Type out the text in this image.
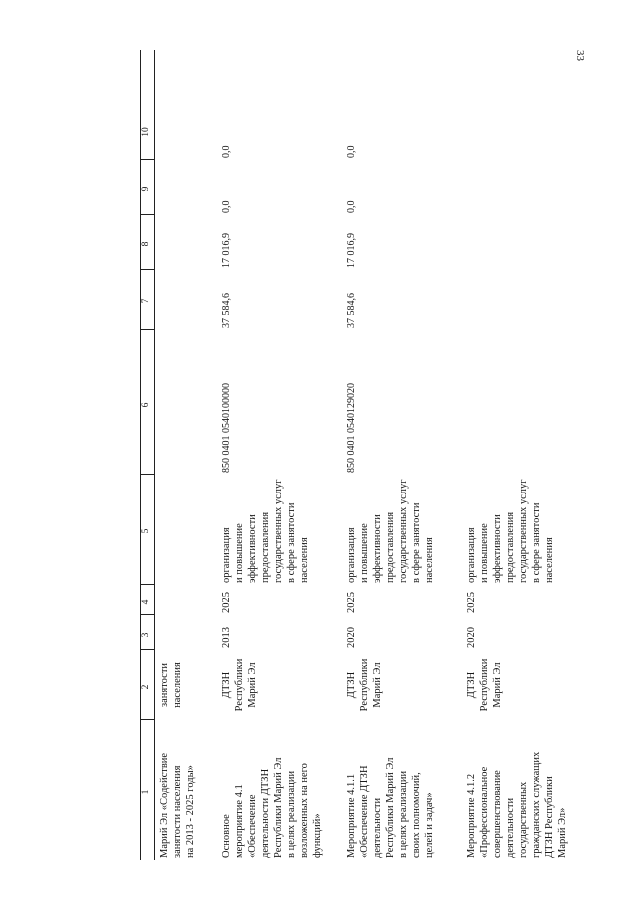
33
1
2
3
4
5
6
7
8
9
10
Марий Эл «Содействие
занятости населения
на 2013 - 2025 годы»
занятости
населения
Основное
мероприятие 4.1
«Обеспечение
деятельности ДТЗН
Республики Марий Эл
в целях реализации
возложенных на него
функций»
ДТЗН
Республики
Марий Эл
2013
2025
организация
и повышение
эффективности
предоставления
государственных услуг
в сфере занятости
населения
850 0401 0540100000
37 584,6
17 016,9
0,0
0,0
Мероприятие 4.1.1
«Обеспечение ДТЗН
деятельности
Республики Марий Эл
в целях реализации
своих полномочий,
целей и задач»
ДТЗН
Республики
Марий Эл
2020
2025
организация
и повышение
эффективности
предоставления
государственных услуг
в сфере занятости
населения
850 0401 0540129020
37 584,6
17 016,9
0,0
0,0
Мероприятие 4.1.2
«Профессиональное
совершенствование
деятельности
государственных
гражданских служащих
ДТЗН Республики
Марий Эл»
ДТЗН
Республики
Марий Эл
2020
2025
организация
и повышение
эффективности
предоставления
государственных услуг
в сфере занятости
населения
